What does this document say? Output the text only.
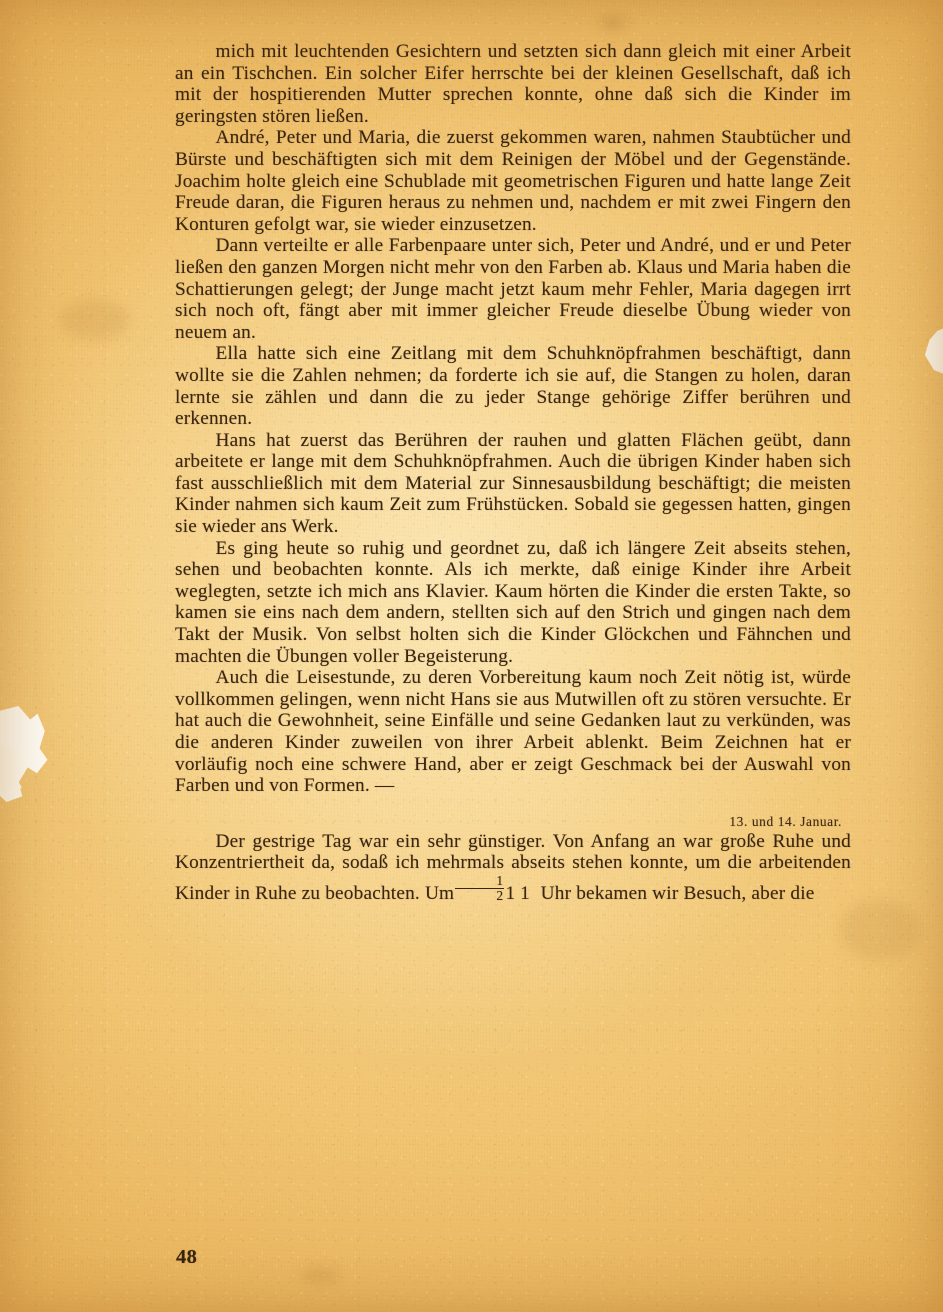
mich mit leuchtenden Gesichtern und setzten sich dann gleich mit einer Arbeit an ein Tischchen. Ein solcher Eifer herrschte bei der kleinen Gesellschaft, daß ich mit der hospitierenden Mutter sprechen konnte, ohne daß sich die Kinder im geringsten stören ließen.

André, Peter und Maria, die zuerst gekommen waren, nahmen Staubtücher und Bürste und beschäftigten sich mit dem Reinigen der Möbel und der Gegenstände. Joachim holte gleich eine Schublade mit geometrischen Figuren und hatte lange Zeit Freude daran, die Figuren heraus zu nehmen und, nachdem er mit zwei Fingern den Konturen gefolgt war, sie wieder einzusetzen.

Dann verteilte er alle Farbenpaare unter sich, Peter und André, und er und Peter ließen den ganzen Morgen nicht mehr von den Farben ab. Klaus und Maria haben die Schattierungen gelegt; der Junge macht jetzt kaum mehr Fehler, Maria dagegen irrt sich noch oft, fängt aber mit immer gleicher Freude dieselbe Übung wieder von neuem an.

Ella hatte sich eine Zeitlang mit dem Schuhknöpfrahmen beschäftigt, dann wollte sie die Zahlen nehmen; da forderte ich sie auf, die Stangen zu holen, daran lernte sie zählen und dann die zu jeder Stange gehörige Ziffer berühren und erkennen.

Hans hat zuerst das Berühren der rauhen und glatten Flächen geübt, dann arbeitete er lange mit dem Schuhknöpfrahmen. Auch die übrigen Kinder haben sich fast ausschließlich mit dem Material zur Sinnesausbildung beschäftigt; die meisten Kinder nahmen sich kaum Zeit zum Frühstücken. Sobald sie gegessen hatten, gingen sie wieder ans Werk.

Es ging heute so ruhig und geordnet zu, daß ich längere Zeit abseits stehen, sehen und beobachten konnte. Als ich merkte, daß einige Kinder ihre Arbeit weglegten, setzte ich mich ans Klavier. Kaum hörten die Kinder die ersten Takte, so kamen sie eins nach dem andern, stellten sich auf den Strich und gingen nach dem Takt der Musik. Von selbst holten sich die Kinder Glöckchen und Fähnchen und machten die Übungen voller Begeisterung.

Auch die Leisestunde, zu deren Vorbereitung kaum noch Zeit nötig ist, würde vollkommen gelingen, wenn nicht Hans sie aus Mutwillen oft zu stören versuchte. Er hat auch die Gewohnheit, seine Einfälle und seine Gedanken laut zu verkünden, was die anderen Kinder zuweilen von ihrer Arbeit ablenkt. Beim Zeichnen hat er vorläufig noch eine schwere Hand, aber er zeigt Geschmack bei der Auswahl von Farben und von Formen. —

13. und 14. Januar.

Der gestrige Tag war ein sehr günstiger. Von Anfang an war große Ruhe und Konzentriertheit da, sodaß ich mehrmals abseits stehen konnte, um die arbeitenden Kinder in Ruhe zu beobachten. Um $\frac{1}{2} 11$ Uhr bekamen wir Besuch, aber die

48
